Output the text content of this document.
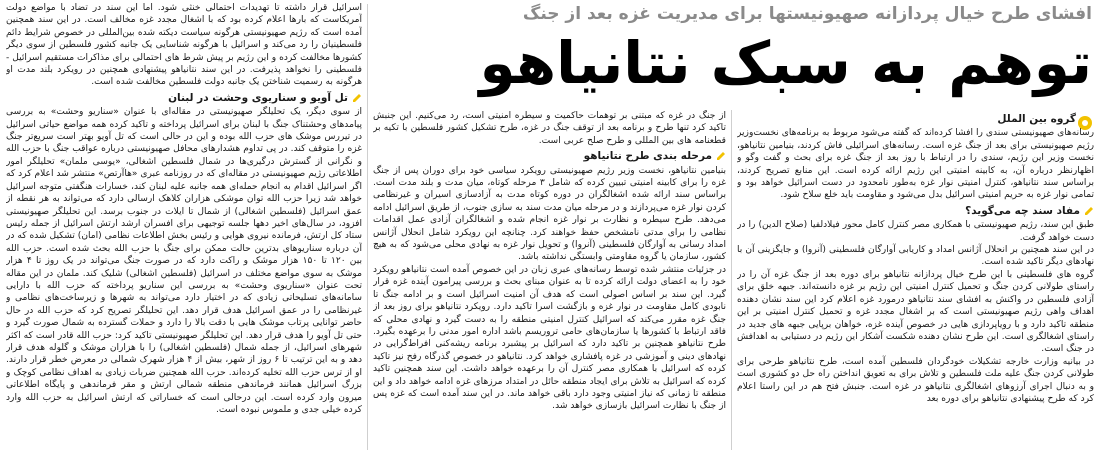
افشای طرح خیال پردازانه صهیونیستها برای مدیریت غزه بعد از جنگ
توهم به سبک نتانیاهو

گروه بین الملل

رسانه‌های صهیونیستی سندی را افشا کرده‌اند که گفته می‌شود مربوط به برنامه‌های نخست‌وزیر رژیم صهیونیستی برای بعد از جنگ غزه است. رسانه‌های اسرائیلی فاش کردند، بنیامین نتانیاهو، نخست وزیر این رژیم، سندی را در ارتباط با روز بعد از جنگ غزه برای بحث و گفت وگو و اظهارنظر درباره آن، به کابینه امنیتی این رژیم ارائه کرده است. این منابع تصریح کردند، براساس سند نتانیاهو، کنترل امنیتی نوار غزه به‌طور نامحدود در دست اسرائیل خواهد بود و تمامی نوار غزه به حریم امنیتی اسرائیل بدل می‌شود و مقاومت باید خلع سلاح شود.

مفاد سند چه می‌گوید؟

طبق این سند، رژیم صهیونیستی با همکاری مصر کنترل کامل محور فیلادلفیا (صلاح الدین) را در دست خواهد گرفت.

در این سند همچنین بر انحلال آژانس امداد و کاریابی آوارگان فلسطینی (آنروا) و جایگزینی آن با نهادهای دیگر تاکید شده است.

گروه های فلسطینی با این طرح خیال پردازانه نتانیاهو برای دوره بعد از جنگ غزه آن را در راستای طولانی کردن جنگ و تحمیل کنترل امنیتی این رژیم بر غزه دانسته‌اند. جبهه خلق برای آزادی فلسطین در واکنش به افشای سند نتانیاهو درمورد غزه اعلام کرد این سند نشان دهنده اهداف واهی رژیم صهیونیستی است که بر اشغال مجدد غزه و تحمیل کنترل امنیتی بر این منطقه تاکید دارد و با رویاپردازی هایی در خصوص آینده غزه، خواهان برپایی جبهه های جدید در راستای اشغالگری است. این طرح نشان دهنده شکست آشکار این رژیم در دستیابی به اهدافش در جنگ است.

در بیانیه وزارت خارجه تشکیلات خودگردان فلسطین آمده است، طرح نتانیاهو طرحی برای طولانی کردن جنگ علیه ملت فلسطین و تلاش برای به تعویق انداختن راه حل دو کشوری است و به دنبال اجرای آرزوهای اشغالگری نتانیاهو در غزه است. جنبش فتح هم در این راستا اعلام کرد که طرح پیشنهادی نتانیاهو برای دوره بعد

از جنگ در غزه که مبتنی بر توهمات حاکمیت و سیطره امنیتی است، رد می‌کنیم. این جنبش تاکید کرد تنها طرح و برنامه بعد از توقف جنگ در غزه، طرح تشکیل کشور فلسطین با تکیه بر قطعنامه های بین المللی و طرح صلح عربی است.

مرحله بندی طرح نتانیاهو

بنیامین نتانیاهو، نخست وزیر رژیم صهیونیستی رویکرد سیاسی خود برای دوران پس از جنگ غزه را برای کابینه امنیتی تبیین کرده که شامل ۳ مرحله کوتاه، میان مدت و بلند مدت است. براساس سند ارائه شده اشغالگران در دوره کوتاه مدت به آزادسازی اسیران و غیرنظامی کردن نوار غزه می‌پردازند و در مرحله میان مدت سند به سازی جنوب، از طریق اسرائیل ادامه می‌دهد. طرح سیطره و نظارت بر نوار غزه انجام شده و اشغالگران آزادی عمل اقدامات نظامی را برای مدتی نامشخص حفظ خواهند کرد. چنانچه این رویکرد شامل انحلال آژانس امداد رسانی به آوارگان فلسطینی (آنروا) و تحویل نوار غزه به نهادی محلی می‌شود که به هیچ کشور، سازمان یا گروه مقاومتی وابستگی نداشته باشد.

در جزئیات منتشر شده توسط رسانه‌های عبری زبان در این خصوص آمده است نتانیاهو رویکرد خود را به اعضای دولت ارائه کرده تا به عنوان مبنای بحث و بررسی پیرامون آینده غزه قرار گیرد. این سند بر اساس اصولی است که هدف آن امنیت اسرائیل است و بر ادامه جنگ تا نابودی کامل مقاومت در نوار غزه و بازگشت اسرا تاکید دارد. رویکرد نتانیاهو برای روز بعد از جنگ غزه مقرر می‌کند که اسرائیل کنترل امنیتی منطقه را به دست گیرد و نهادی محلی که فاقد ارتباط با کشورها یا سازمان‌های حامی تروریسم باشد اداره امور مدنی را برعهده بگیرد. طرح نتانیاهو همچنین بر تاکید دارد که اسرائیل بر پیشبرد برنامه ریشه‌کنی افراط‌گرایی در نهادهای دینی و آموزشی در غزه پافشاری خواهد کرد. نتانیاهو در خصوص گذرگاه رفح نیز تاکید کرده که اسرائیل با همکاری مصر کنترل آن را برعهده خواهد داشت. این سند همچنین تاکید کرده که اسرائیل به تلاش برای ایجاد منطقه حائل در امتداد مرزهای غزه ادامه خواهد داد و این منطقه تا زمانی که نیاز امنیتی وجود دارد باقی خواهد ماند. در این سند آمده است که غزه پس از جنگ با نظارت اسرائیل بازسازی خواهد شد.

اسرائیل قرار داشته تا تهدیدات احتمالی خنثی شود. اما این سند در تضاد با مواضع دولت آمریکاست که بارها اعلام کرده بود که با اشغال مجدد غزه مخالف است. در این سند همچنین آمده است که رژیم صهیونیستی هرگونه سیاست دیکته شده بین‌المللی در خصوص شرایط دائم فلسطینیان را رد می‌کند و اسرائیل با هرگونه شناسایی یک جانبه کشور فلسطین از سوی دیگر کشورها مخالفت کرده و این رژیم بر پیش شرط های احتمالی برای مذاکرات مستقیم اسرائیل - فلسطینی را نخواهد پذیرفت. در این سند نتانیاهو پیشنهادی همچنین در رویکرد بلند مدت او هرگونه به رسمیت شناختن یک جانبه دولت فلسطین مخالفت شده است.

تل آویو و سناریوی وحشت در لبنان

از سوی دیگر، یک تحلیلگر صهیونیستی در مقاله‌ای با عنوان «سناریو وحشت» به بررسی پیامدهای وحشتناک جنگ با لبنان برای اسرائیل پرداخته و تاکید کرده همه مواضع حیاتی اسرائیل در تیررس موشک های حزب الله بوده و این در حالی است که تل آویو بهتر است سریع‌تر جنگ غزه را متوقف کند. در پی تداوم هشدارهای محافل صهیونیستی درباره عواقب جنگ با حزب الله و نگرانی از گسترش درگیری‌ها در شمال فلسطین اشغالی، «یوسی ملمان» تحلیلگر امور اطلاعاتی رژیم صهیونیستی در مقاله‌ای که در روزنامه عبری «هاآرتص» منتشر شد اعلام کرد که اگر اسرائیل اقدام به انجام حمله‌ای همه جانبه علیه لبنان کند، خسارات هنگفتی متوجه اسرائیل خواهد شد زیرا حزب الله توان موشکی هزاران کلاهک ارسالی دارد که می‌تواند به هر نقطه از عمق اسرائیل (فلسطین اشغالی) از شمال تا ایلات در جنوب برسد. این تحلیلگر صهیونیستی افزود، در سال‌های اخیر دهها جلسه توجیهی برای افسران ارشد ارتش اسرائیل از جمله رئیس ستاد کل ارتش، فرمانده نیروی هوایی و رئیس بخش اطلاعات نظامی (امان) تشکیل شده که در آن درباره سناریوهای بدترین حالت ممکن برای جنگ با حزب الله بحث شده است. حزب الله بین ۱۲۰ تا ۱۵۰ هزار موشک و راکت دارد که در صورت جنگ می‌تواند در یک روز تا ۴ هزار موشک به سوی مواضع مختلف در اسرائیل (فلسطین اشغالی) شلیک کند. ملمان در این مقاله تحت عنوان «سناریوی وحشت» به بررسی این سناریو پرداخته که حزب الله با دارایی سامانه‌های تسلیحاتی زیادی که در اختیار دارد می‌تواند به شهرها و زیرساخت‌های نظامی و غیرنظامی را در عمق اسرائیل هدف قرار دهد. این تحلیلگر تصریح کرد که حزب الله در حال حاضر توانایی پرتاب موشک هایی با دقت بالا را دارد و حملات گسترده به شمال صورت گیرد و حتی تل آویو را هدف قرار دهد. این تحلیلگر صهیونیستی تاکید کرد: حزب الله قادر است که اکثر شهرهای اسرائیل، از جمله شمال (فلسطین اشغالی) را با هزاران موشک و گلوله هدف قرار دهد و به این ترتیب تا ۶ روز از شهر، بیش از ۴ هزار شهرک شمالی در معرض خطر قرار دارند. او از ترس حزب الله تخلیه کرده‌اند. حزب الله همچنین ضربات زیادی به اهداف نظامی کوچک و بزرگ اسرائیل همانند فرماندهی منطقه شمالی ارتش و مقر فرماندهی و پایگاه اطلاعاتی میرون وارد کرده است. این درحالی است که خساراتی که ارتش اسرائیل به حزب الله وارد کرده خیلی جدی و ملموس نبوده است.
